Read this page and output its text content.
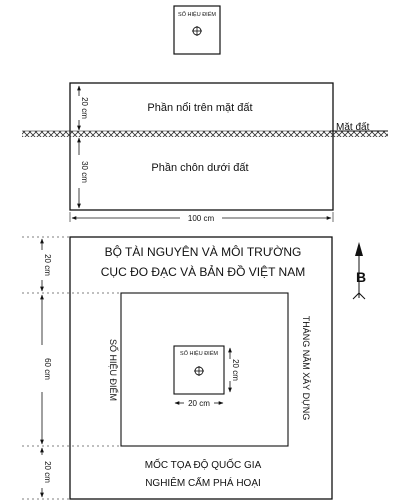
SỐ HIỆU ĐIỂM
Mặt đất
Phần nổi trên mặt đất
Phần chôn dưới đất
20 cm
30 cm
100 cm
BỘ TÀI NGUYÊN VÀ MÔI TRƯỜNG
CỤC ĐO ĐẠC VÀ BẢN ĐỒ VIỆT NAM	B
SỐ HIỆU ĐIỂM	THÁNG NĂM XÂY DỰNG
SỐ HIỆU ĐIỂM
20 cm
20 cm
MỐC TỌA ĐỘ QUỐC GIA
NGHIÊM CẤM PHÁ HOẠI
20 cm
60 cm
20 cm
